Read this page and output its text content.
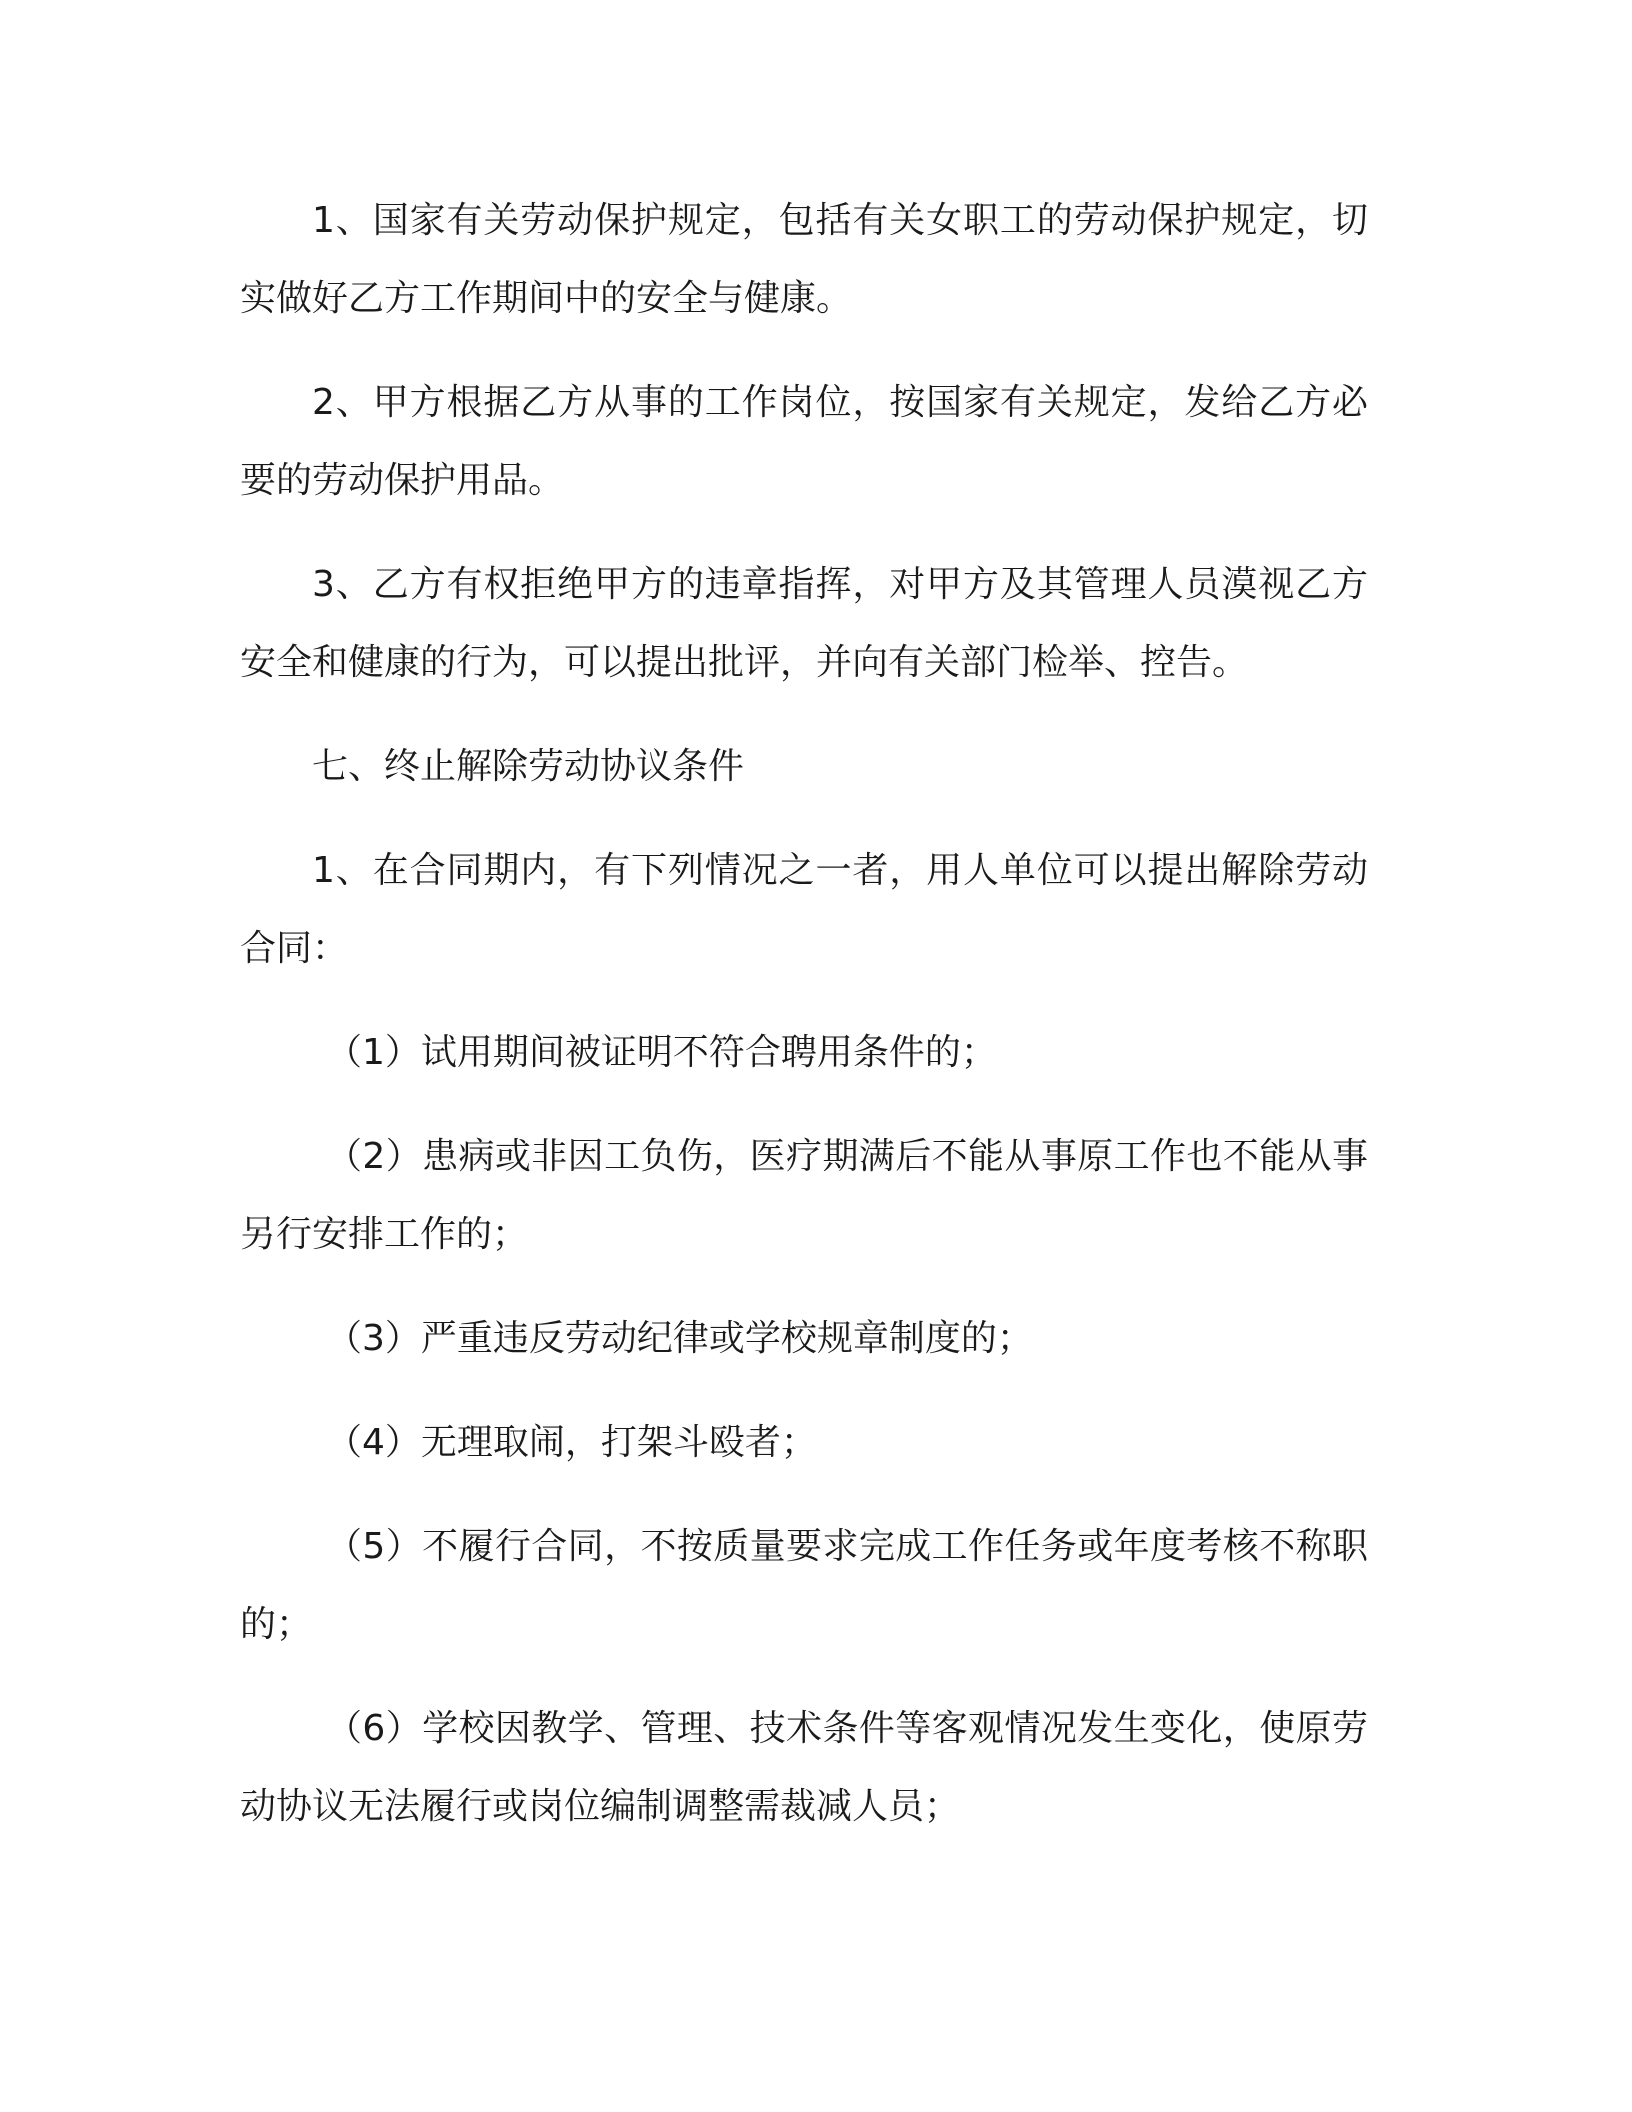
1、国家有关劳动保护规定，包括有关女职工的劳动保护规定，切实做好乙方工作期间中的安全与健康。

2、甲方根据乙方从事的工作岗位，按国家有关规定，发给乙方必要的劳动保护用品。

3、乙方有权拒绝甲方的违章指挥，对甲方及其管理人员漠视乙方安全和健康的行为，可以提出批评，并向有关部门检举、控告。

七、终止解除劳动协议条件

1、在合同期内，有下列情况之一者，用人单位可以提出解除劳动合同：

（1）试用期间被证明不符合聘用条件的；

（2）患病或非因工负伤，医疗期满后不能从事原工作也不能从事另行安排工作的；

（3）严重违反劳动纪律或学校规章制度的；

（4）无理取闹，打架斗殴者；

（5）不履行合同，不按质量要求完成工作任务或年度考核不称职的；

（6）学校因教学、管理、技术条件等客观情况发生变化，使原劳动协议无法履行或岗位编制调整需裁减人员；
